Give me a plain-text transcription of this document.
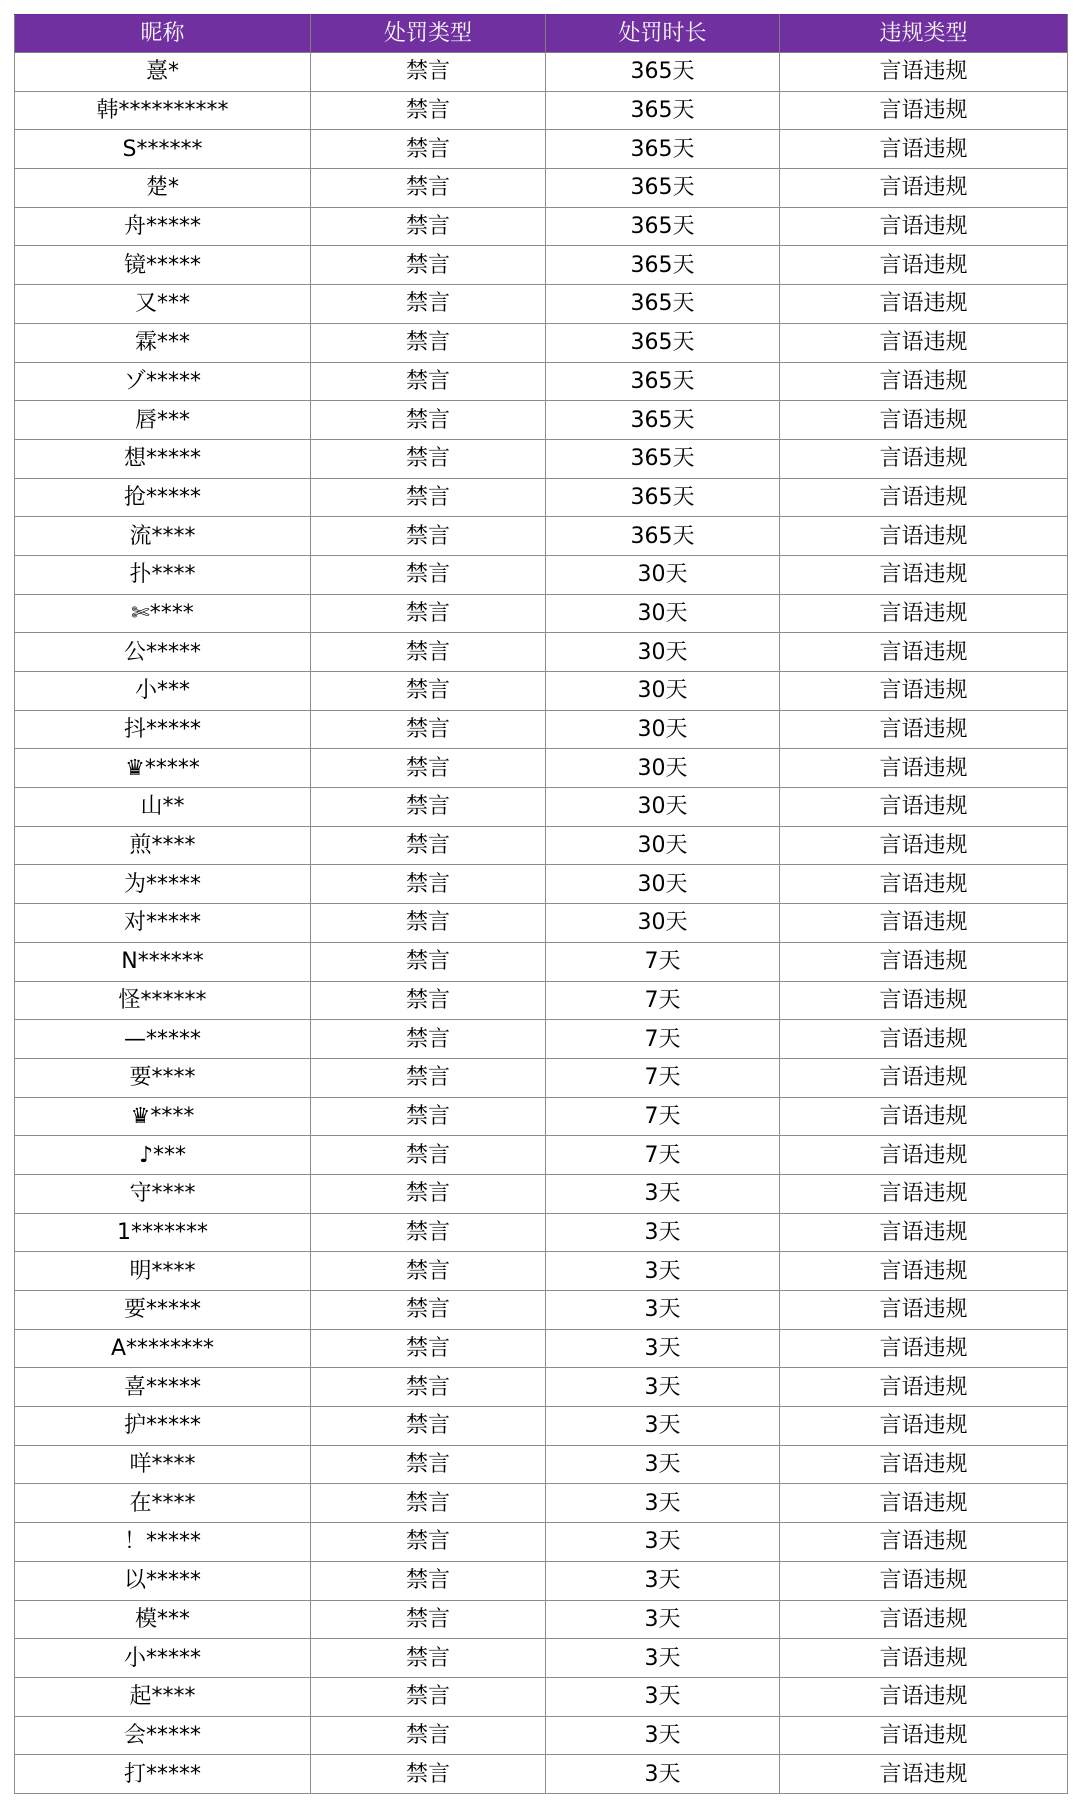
昵称	处罚类型	处罚时长	违规类型
憙*	禁言	365天	言语违规
韩**********	禁言	365天	言语违规
S******	禁言	365天	言语违规
楚*	禁言	365天	言语违规
舟*****	禁言	365天	言语违规
镜*****	禁言	365天	言语违规
又***	禁言	365天	言语违规
霖***	禁言	365天	言语违规
ゾ*****	禁言	365天	言语违规
唇***	禁言	365天	言语违规
想*****	禁言	365天	言语违规
抢*****	禁言	365天	言语违规
流****	禁言	365天	言语违规
扑****	禁言	30天	言语违规
✄****	禁言	30天	言语违规
公*****	禁言	30天	言语违规
小***	禁言	30天	言语违规
抖*****	禁言	30天	言语违规
♛*****	禁言	30天	言语违规
山**	禁言	30天	言语违规
煎****	禁言	30天	言语违规
为*****	禁言	30天	言语违规
对*****	禁言	30天	言语违规
N******	禁言	7天	言语违规
怪******	禁言	7天	言语违规
—*****	禁言	7天	言语违规
要****	禁言	7天	言语违规
♛****	禁言	7天	言语违规
♪***	禁言	7天	言语违规
守****	禁言	3天	言语违规
1*******	禁言	3天	言语违规
明****	禁言	3天	言语违规
要*****	禁言	3天	言语违规
A********	禁言	3天	言语违规
喜*****	禁言	3天	言语违规
护*****	禁言	3天	言语违规
咩****	禁言	3天	言语违规
在****	禁言	3天	言语违规
！*****	禁言	3天	言语违规
以*****	禁言	3天	言语违规
模***	禁言	3天	言语违规
小*****	禁言	3天	言语违规
起****	禁言	3天	言语违规
会*****	禁言	3天	言语违规
打*****	禁言	3天	言语违规
